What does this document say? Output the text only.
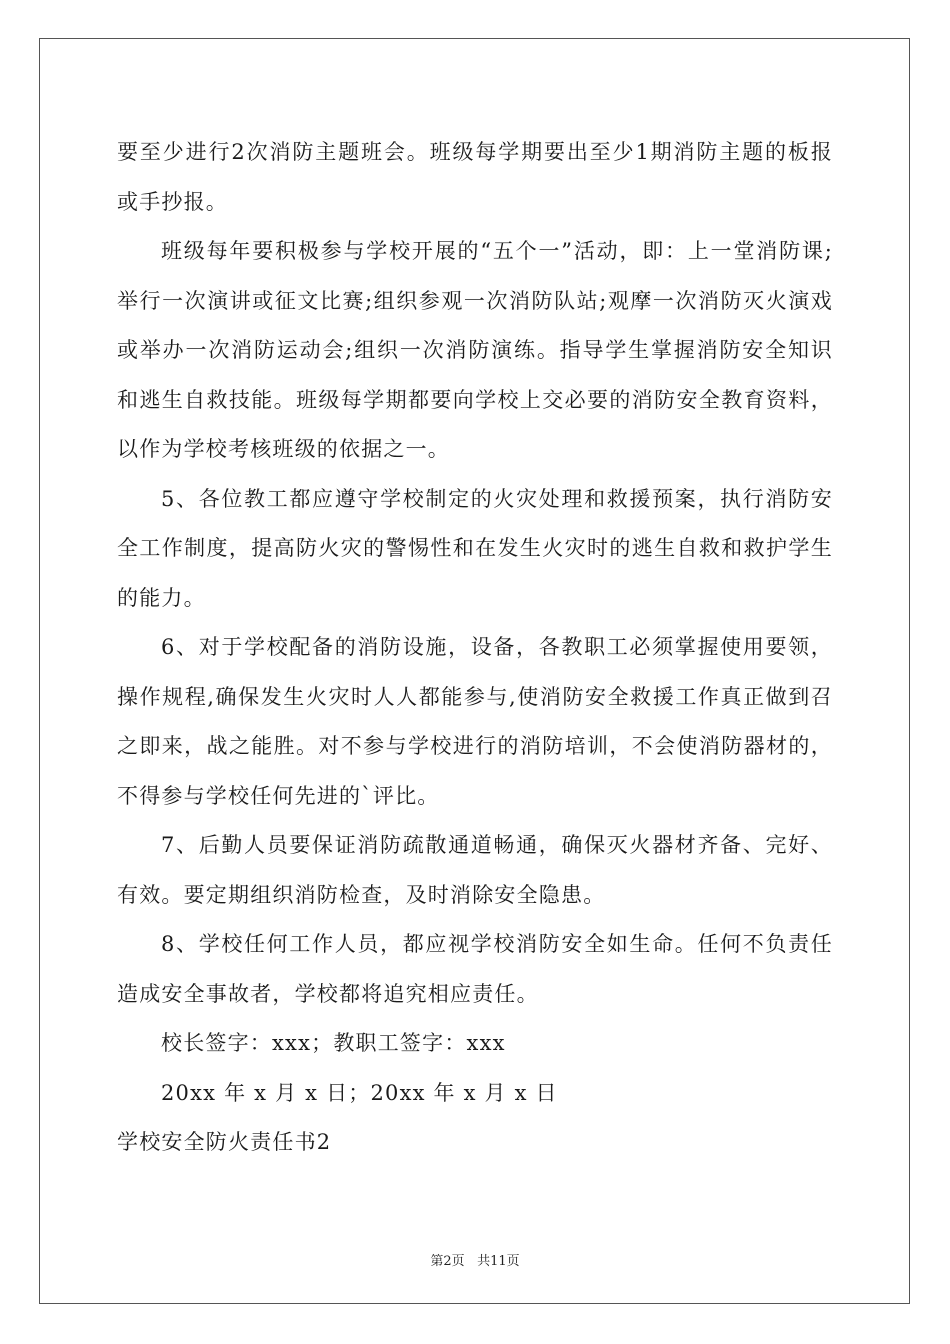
要至少进行2次消防主题班会。班级每学期要出至少1期消防主题的板报或手抄报。

班级每年要积极参与学校开展的“五个一”活动，即：上一堂消防课;举行一次演讲或征文比赛;组织参观一次消防队站;观摩一次消防灭火演戏或举办一次消防运动会;组织一次消防演练。指导学生掌握消防安全知识和逃生自救技能。班级每学期都要向学校上交必要的消防安全教育资料，以作为学校考核班级的依据之一。

5、各位教工都应遵守学校制定的火灾处理和救援预案，执行消防安全工作制度，提高防火灾的警惕性和在发生火灾时的逃生自救和救护学生的能力。

6、对于学校配备的消防设施，设备，各教职工必须掌握使用要领，操作规程,确保发生火灾时人人都能参与,使消防安全救援工作真正做到召之即来，战之能胜。对不参与学校进行的消防培训，不会使消防器材的，不得参与学校任何先进的`评比。

7、后勤人员要保证消防疏散通道畅通，确保灭火器材齐备、完好、有效。要定期组织消防检查，及时消除安全隐患。

8、学校任何工作人员，都应视学校消防安全如生命。任何不负责任造成安全事故者，学校都将追究相应责任。

校长签字：xxx；教职工签字：xxx

20xx 年 x 月 x 日；20xx 年 x 月 x 日

学校安全防火责任书2

第2页 共11页
